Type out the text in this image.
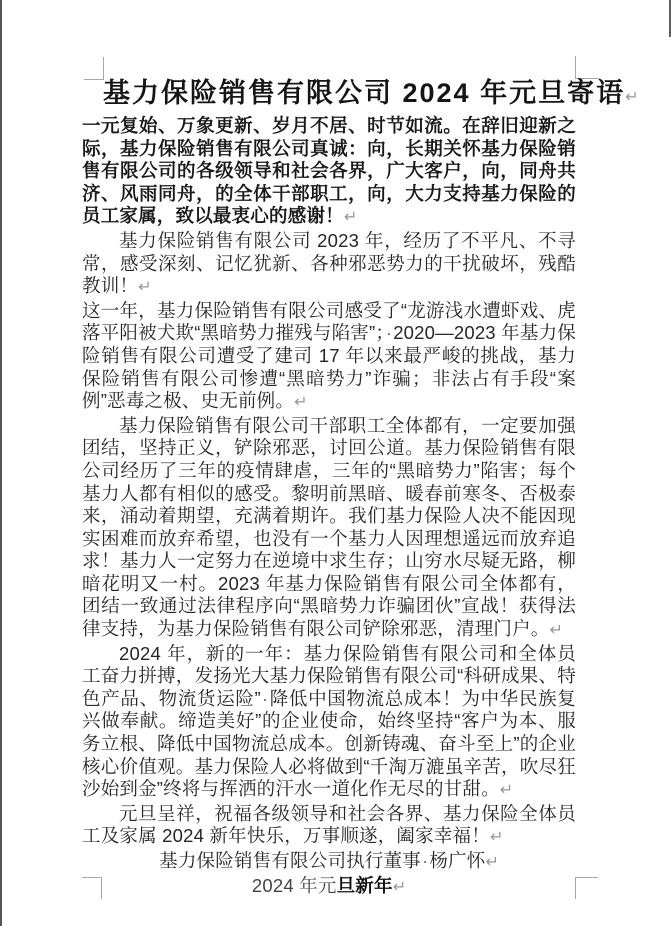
基力保险销售有限公司 2024 年元旦寄语↵

一元复始、万象更新、岁月不居、时节如流。在辞旧迎新之际，基力保险销售有限公司真诚：向，长期关怀基力保险销售有限公司的各级领导和社会各界，广大客户，向，同舟共济、风雨同舟，的全体干部职工，向，大力支持基力保险的员工家属，致以最衷心的感谢！↵

基力保险销售有限公司 2023 年，经历了不平凡、不寻常，感受深刻、记忆犹新、各种邪恶势力的干扰破坏，残酷教训！↵

这一年，基力保险销售有限公司感受了“龙游浅水遭虾戏、虎落平阳被犬欺“黑暗势力摧残与陷害”；·2020—2023 年基力保险销售有限公司遭受了建司 17 年以来最严峻的挑战，基力保险销售有限公司惨遭“黑暗势力”诈骗；非法占有手段“案例”恶毒之极、史无前例。↵

基力保险销售有限公司干部职工全体都有，一定要加强团结，坚持正义，铲除邪恶，讨回公道。基力保险销售有限公司经历了三年的疫情肆虐，三年的“黑暗势力”陷害；每个基力人都有相似的感受。黎明前黑暗、暖春前寒冬、否极泰来，涌动着期望，充满着期许。我们基力保险人决不能因现实困难而放弃希望，也没有一个基力人因理想遥远而放弃追求！基力人一定努力在逆境中求生存；山穷水尽疑无路，柳暗花明又一村。2023 年基力保险销售有限公司全体都有，团结一致通过法律程序向“黑暗势力诈骗团伙”宣战！获得法律支持，为基力保险销售有限公司铲除邪恶，清理门户。↵

2024 年，新的一年：基力保险销售有限公司和全体员工奋力拼搏，发扬光大基力保险销售有限公司“科研成果、特色产品、物流货运险”·降低中国物流总成本！为中华民族复兴做奉献。缔造美好”的企业使命，始终坚持“客户为本、服务立根、降低中国物流总成本。创新铸魂、奋斗至上”的企业核心价值观。基力保险人必将做到“千淘万漉虽辛苦，吹尽狂沙始到金”终将与挥洒的汗水一道化作无尽的甘甜。↵

元旦呈祥，祝福各级领导和社会各界、基力保险全体员工及家属 2024 新年快乐，万事顺遂，阖家幸福！↵

基力保险销售有限公司执行董事·杨广怀↵

2024 年元旦新年↵
